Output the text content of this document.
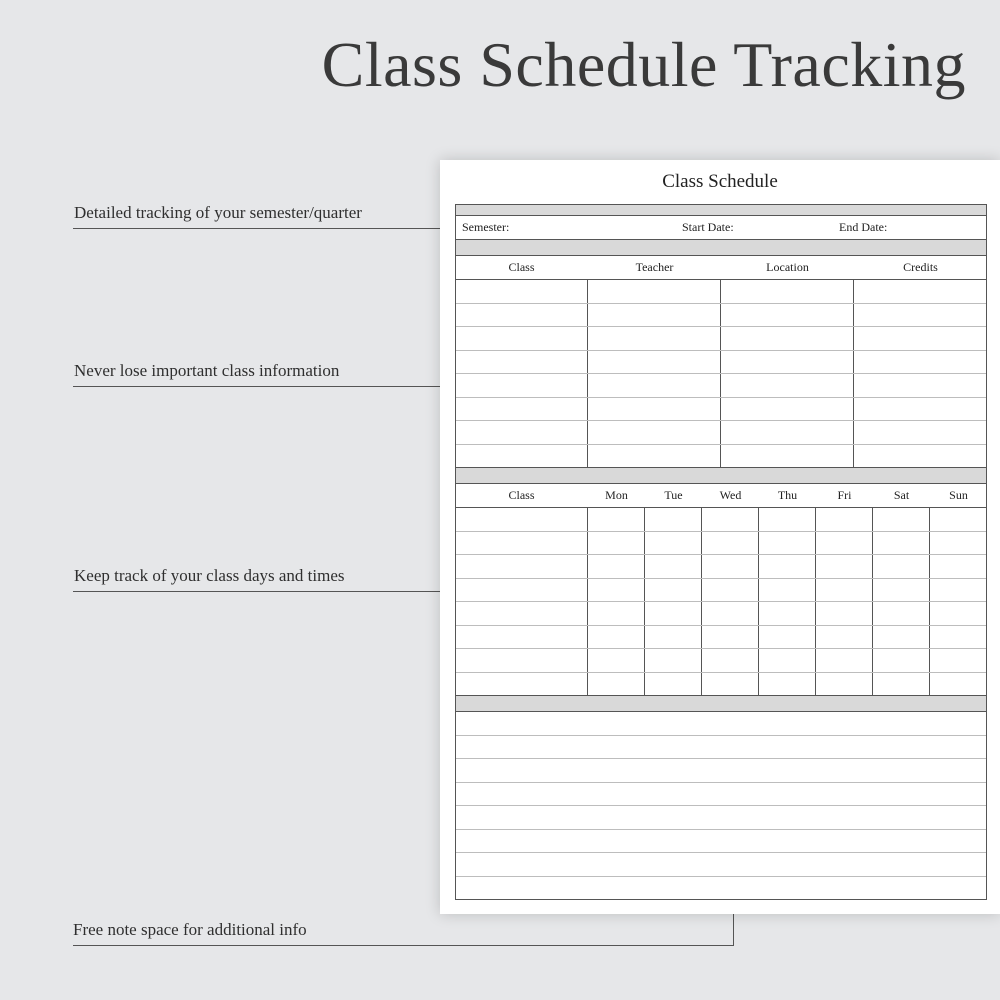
Class Schedule Tracking
Detailed tracking of your semester/quarter
Never lose important class information
Keep track of your class days and times
Free note space for additional info
Class Schedule
Semester:	Start Date:	End Date:
Class	Teacher	Location	Credits
Class	Mon	Tue	Wed	Thu	Fri	Sat	Sun
